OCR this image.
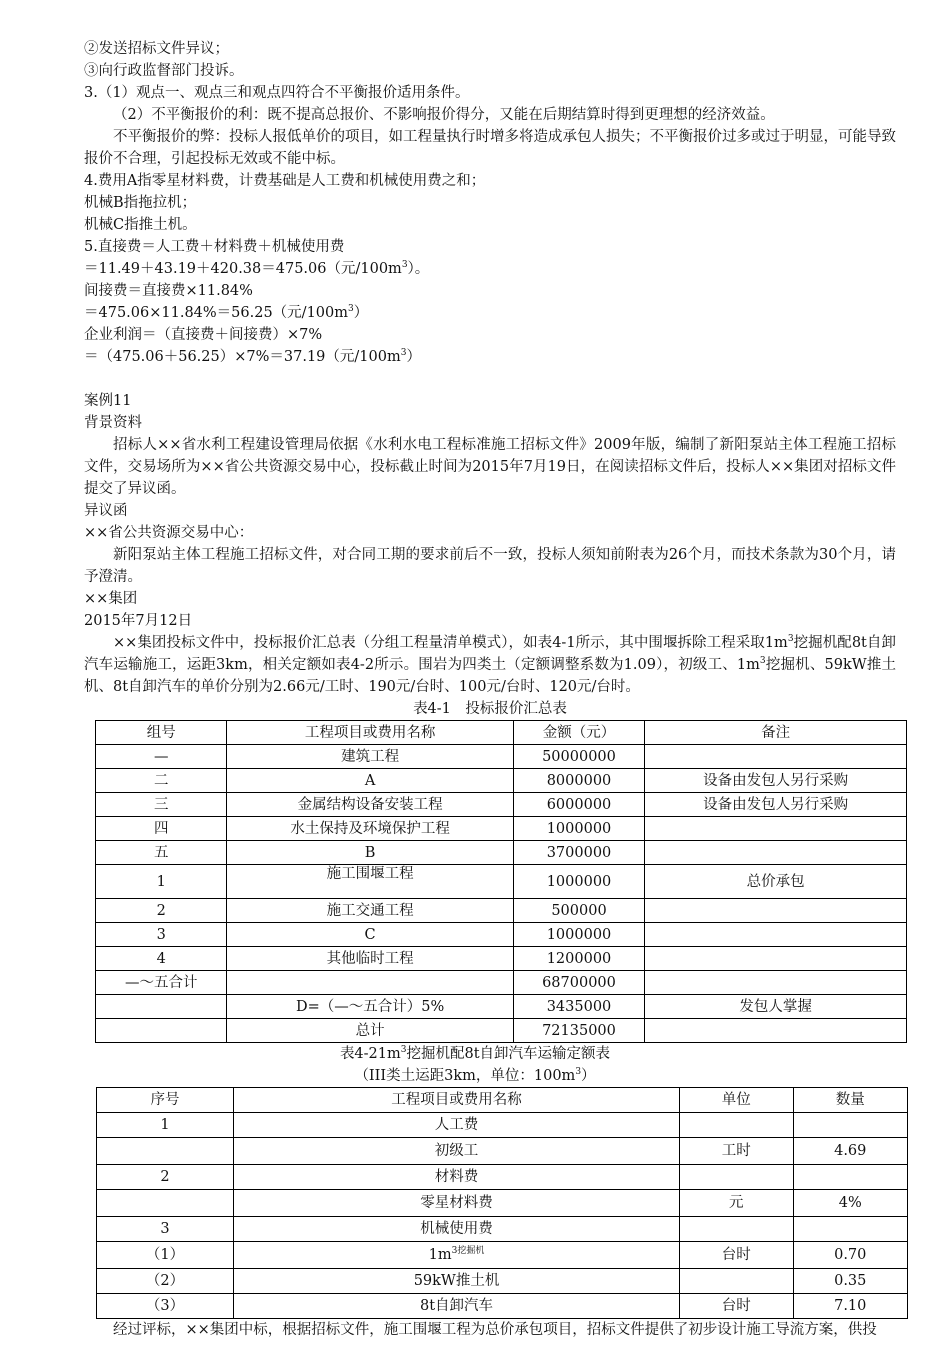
②发送招标文件异议；

③向行政监督部门投诉。

3.（1）观点一、观点三和观点四符合不平衡报价适用条件。

（2）不平衡报价的利：既不提高总报价、不影响报价得分，又能在后期结算时得到更理想的经济效益。

不平衡报价的弊：投标人报低单价的项目，如工程量执行时增多将造成承包人损失；不平衡报价过多或过于明显，可能导致报价不合理，引起投标无效或不能中标。

4.费用A指零星材料费，计费基础是人工费和机械使用费之和；

机械B指拖拉机；

机械C指推土机。

5.直接费＝人工费＋材料费＋机械使用费

＝11.49＋43.19＋420.38＝475.06（元$/100m^3$）。

间接费＝直接费×11.84%

＝475.06×11.84%＝56.25（元$/100m^3$）

企业利润＝（直接费＋间接费）×7%

＝（475.06＋56.25）×7%＝37.19（元$/100m^3$）

案例11

背景资料

招标人××省水利工程建设管理局依据《水利水电工程标准施工招标文件》2009年版，编制了新阳泵站主体工程施工招标文件，交易场所为××省公共资源交易中心，投标截止时间为2015年7月19日，在阅读招标文件后，投标人××集团对招标文件提交了异议函。

异议函

××省公共资源交易中心：

新阳泵站主体工程施工招标文件，对合同工期的要求前后不一致，投标人须知前附表为26个月，而技术条款为30个月，请予澄清。

××集团

2015年7月12日

××集团投标文件中，投标报价汇总表（分组工程量清单模式），如表4-1所示，其中围堰拆除工程采取$1m^3$挖掘机配8t自卸汽车运输施工，运距3km，相关定额如表4-2所示。围岩为四类土（定额调整系数为1.09），初级工、$1m^3$挖掘机、59kW推土机、8t自卸汽车的单价分别为2.66元/工时、190元/台时、100元/台时、120元/台时。

表4-1　投标报价汇总表

组号	工程项目或费用名称	金额（元）	备注
—	建筑工程	50000000	
二	A	8000000	设备由发包人另行采购
三	金属结构设备安装工程	6000000	设备由发包人另行采购
四	水土保持及环境保护工程	1000000	
五	B	3700000	
1	施工围堰工程	1000000	总价承包
2	施工交通工程	500000	
3	C	1000000	
4	其他临时工程	1200000	
—～五合计		68700000	
	D=（—～五合计）5%	3435000	发包人掌握
	总计	72135000	

表$4-21m^3$挖掘机配8t自卸汽车运输定额表

（III类土运距3km，单位：$100m^3$）

序号	工程项目或费用名称	单位	数量
1	人工费		
	初级工	工时	4.69
2	材料费		
	零星材料费	元	4%
3	机械使用费		
（1）	$1m^{3挖掘机}$	台时	0.70
（2）	59kW推土机		0.35
（3）	8t自卸汽车	台时	7.10

经过评标，××集团中标，根据招标文件，施工围堰工程为总价承包项目，招标文件提供了初步设计施工导流方案，供投
